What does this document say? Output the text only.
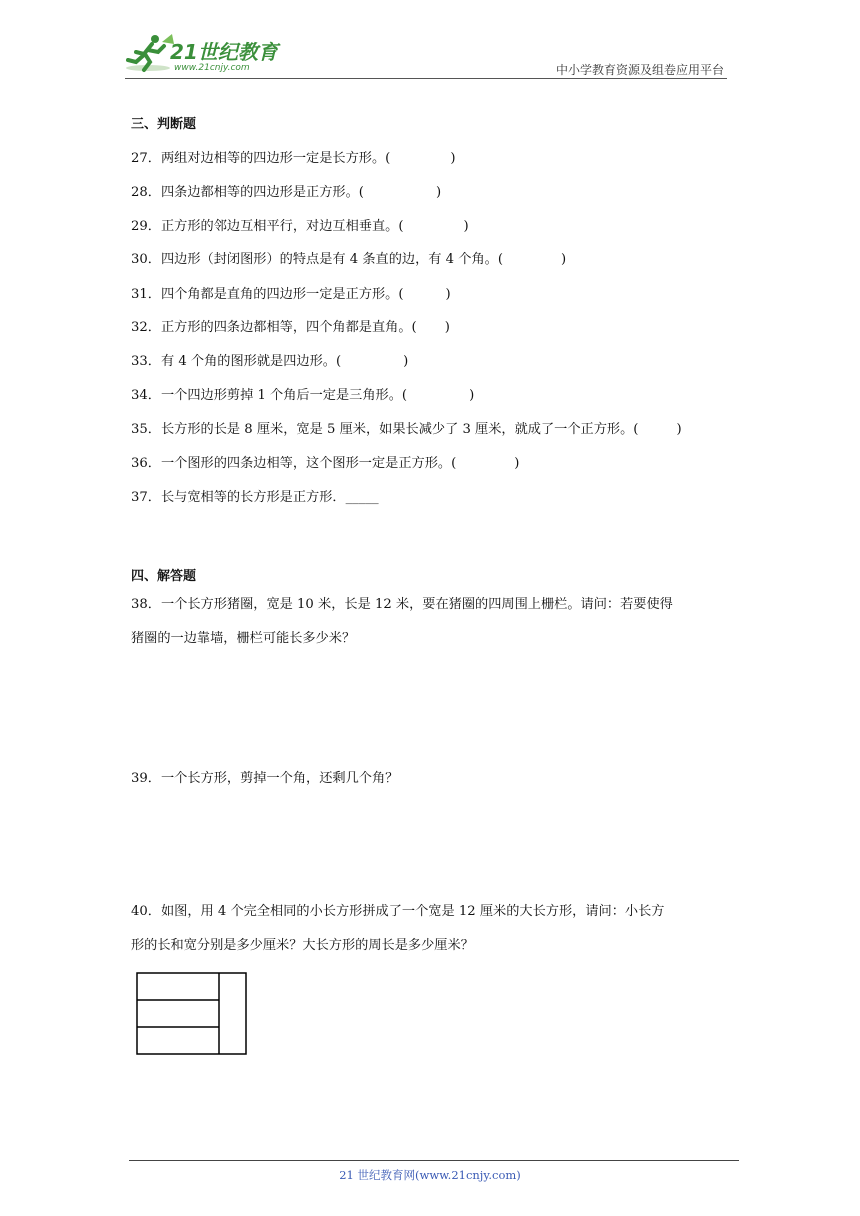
21世纪教育
www.21cnjy.com	中小学教育资源及组卷应用平台
三、判断题
27．两组对边相等的四边形一定是长方形。(	)
28．四条边都相等的四边形是正方形。(	)
29．正方形的邻边互相平行，对边互相垂直。(	)
30．四边形（封闭图形）的特点是有 4 条直的边，有 4 个角。(	)
31．四个角都是直角的四边形一定是正方形。(	)
32．正方形的四条边都相等，四个角都是直角。( )
33．有 4 个角的图形就是四边形。(	)
34．一个四边形剪掉 1 个角后一定是三角形。(	)
35．长方形的长是 8 厘米，宽是 5 厘米，如果长减少了 3 厘米，就成了一个正方形。(	)
36．一个图形的四条边相等，这个图形一定是正方形。(	)
37．长与宽相等的长方形是正方形．_____
四、解答题
38．一个长方形猪圈，宽是 10 米，长是 12 米，要在猪圈的四周围上栅栏。请问：若要使得
猪圈的一边靠墙，栅栏可能长多少米？
39．一个长方形，剪掉一个角，还剩几个角？
40．如图，用 4 个完全相同的小长方形拼成了一个宽是 12 厘米的大长方形，请问：小长方
形的长和宽分别是多少厘米？大长方形的周长是多少厘米？
21 世纪教育网(www.21cnjy.com)
